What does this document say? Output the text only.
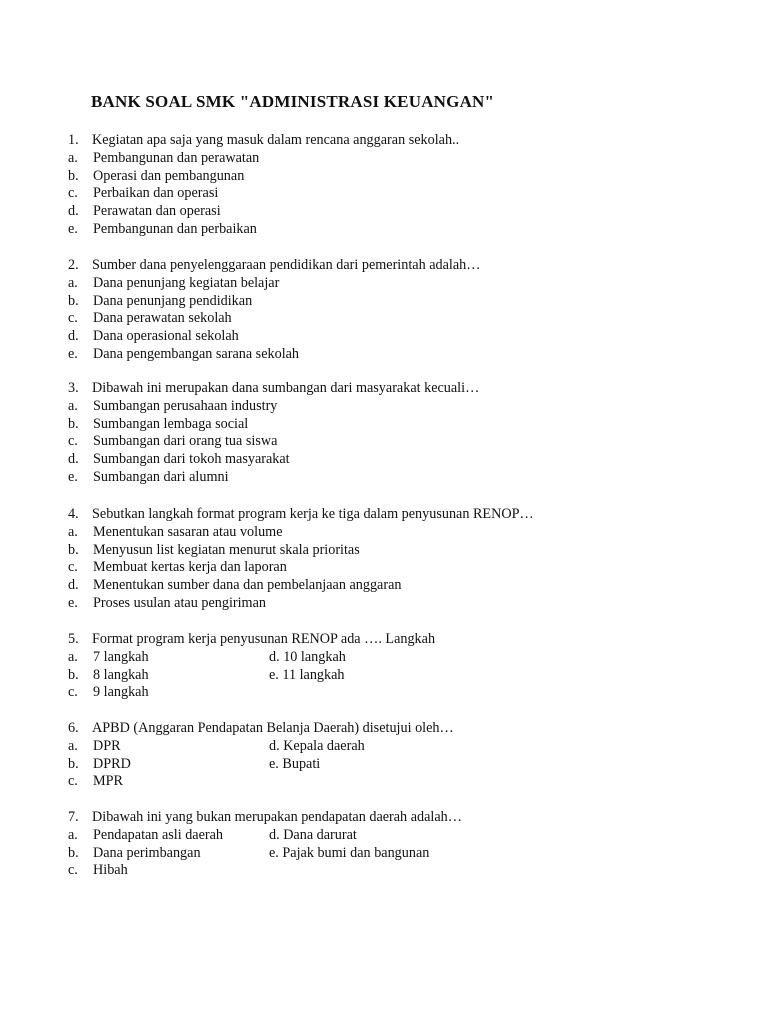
BANK SOAL SMK "ADMINISTRASI KEUANGAN"
1. Kegiatan apa saja yang masuk dalam rencana anggaran sekolah..
a. Pembangunan dan perawatan
b. Operasi dan pembangunan
c. Perbaikan dan operasi
d. Perawatan dan operasi
e. Pembangunan dan perbaikan
2. Sumber dana penyelenggaraan pendidikan dari pemerintah adalah…
a. Dana penunjang kegiatan belajar
b. Dana penunjang pendidikan
c. Dana perawatan sekolah
d. Dana operasional sekolah
e. Dana pengembangan sarana sekolah
3. Dibawah ini merupakan dana sumbangan dari masyarakat kecuali…
a. Sumbangan perusahaan industry
b. Sumbangan lembaga social
c. Sumbangan dari orang tua siswa
d. Sumbangan dari tokoh masyarakat
e. Sumbangan dari alumni
4. Sebutkan langkah format program kerja ke tiga dalam penyusunan RENOP…
a. Menentukan sasaran atau volume
b. Menyusun list kegiatan menurut skala prioritas
c. Membuat kertas kerja dan laporan
d. Menentukan sumber dana dan pembelanjaan anggaran
e. Proses usulan atau pengiriman
5. Format program kerja penyusunan RENOP ada …. Langkah
a. 7 langkah	d. 10 langkah
b. 8 langkah	e. 11 langkah
c. 9 langkah
6. APBD (Anggaran Pendapatan Belanja Daerah) disetujui oleh…
a. DPR	d. Kepala daerah
b. DPRD	e. Bupati
c. MPR
7. Dibawah ini yang bukan merupakan pendapatan daerah adalah…
a. Pendapatan asli daerah	d. Dana darurat
b. Dana perimbangan	e. Pajak bumi dan bangunan
c. Hibah
